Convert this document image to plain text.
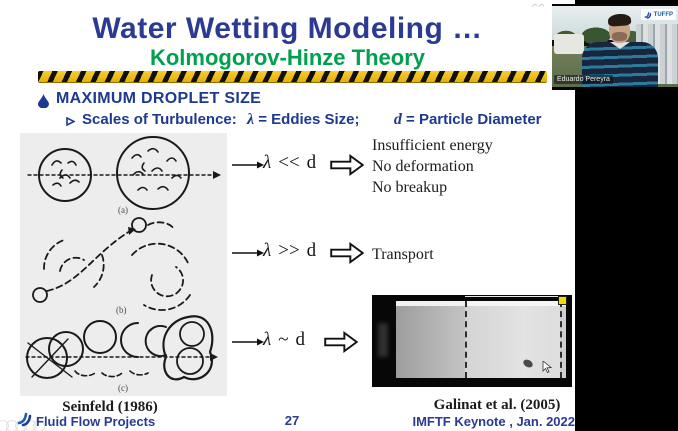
Water Wetting Modeling …
Kolmogorov-Hinze Theory
MAXIMUM DROPLET SIZE
Scales of Turbulence: λ = Eddies Size; d = Particle Diameter
(a)
(b)
(c)
λ << d
Insufficient energy
No deformation
No breakup
λ >> d	Transport
λ ~ d
Seinfeld (1986)	Galinat et al. (2005)
Fluid Flow Projects	27	IMFTF Keynote , Jan. 2022
Eduardo Pereyra
TUFFP
